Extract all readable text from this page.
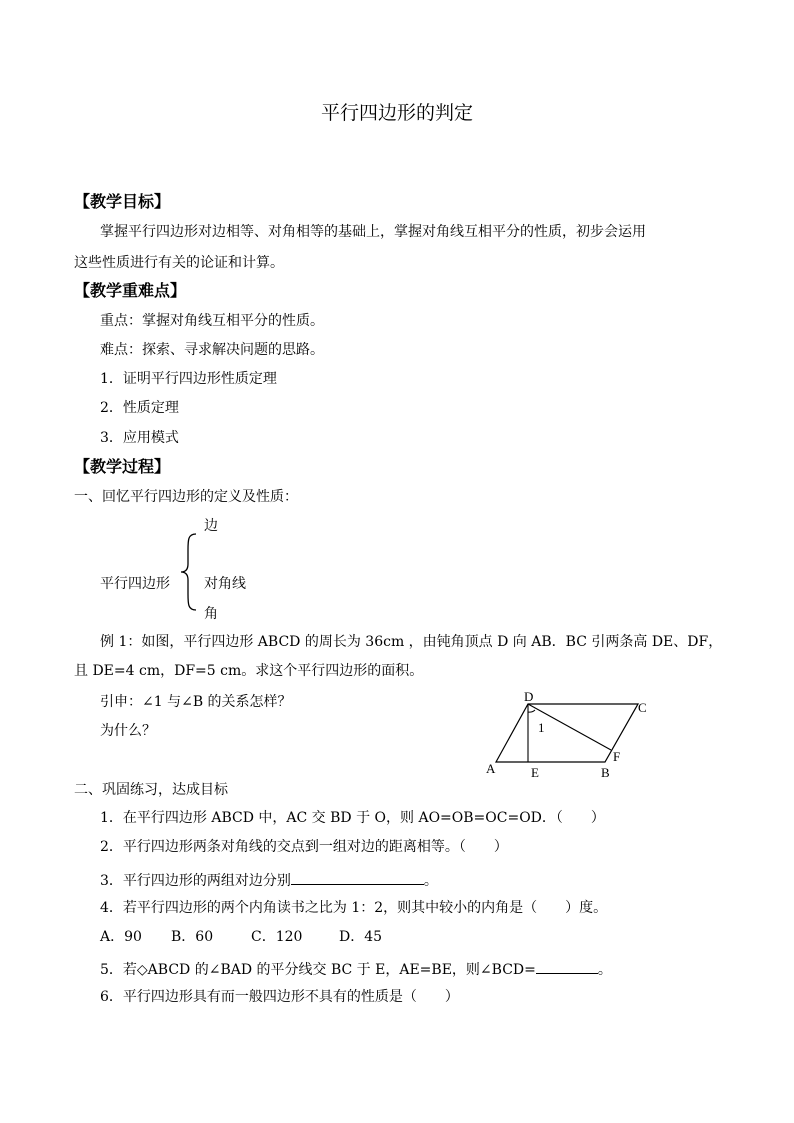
平行四边形的判定
【教学目标】
掌握平行四边形对边相等、对角相等的基础上，掌握对角线互相平分的性质，初步会运用
这些性质进行有关的论证和计算。
【教学重难点】
重点：掌握对角线互相平分的性质。
难点：探索、寻求解决问题的思路。
1．证明平行四边形性质定理
2．性质定理
3．应用模式
【教学过程】
一、回忆平行四边形的定义及性质：
边
平行四边形 对角线
角
例 1：如图，平行四边形 ABCD 的周长为 36cm ，由钝角顶点 D 向 AB．BC 引两条高 DE、DF，
且 DE=4 cm，DF=5 cm。求这个平行四边形的面积。
引申：∠1 与∠B 的关系怎样？
为什么？
D
C
A	E	B
F
1
二、巩固练习，达成目标
1．在平行四边形 ABCD 中，AC 交 BD 于 O，则 AO=OB=OC=OD．（　　）
2．平行四边形两条对角线的交点到一组对边的距离相等。（　　）
3．平行四边形的两组对边分别	。
4．若平行四边形的两个内角读书之比为 1：2，则其中较小的内角是（　　）度。
A．90 B．60	C．120	D．45
5．若◇ABCD 的∠BAD 的平分线交 BC 于 E，AE=BE，则∠BCD=	。
6．平行四边形具有而一般四边形不具有的性质是（　　）
